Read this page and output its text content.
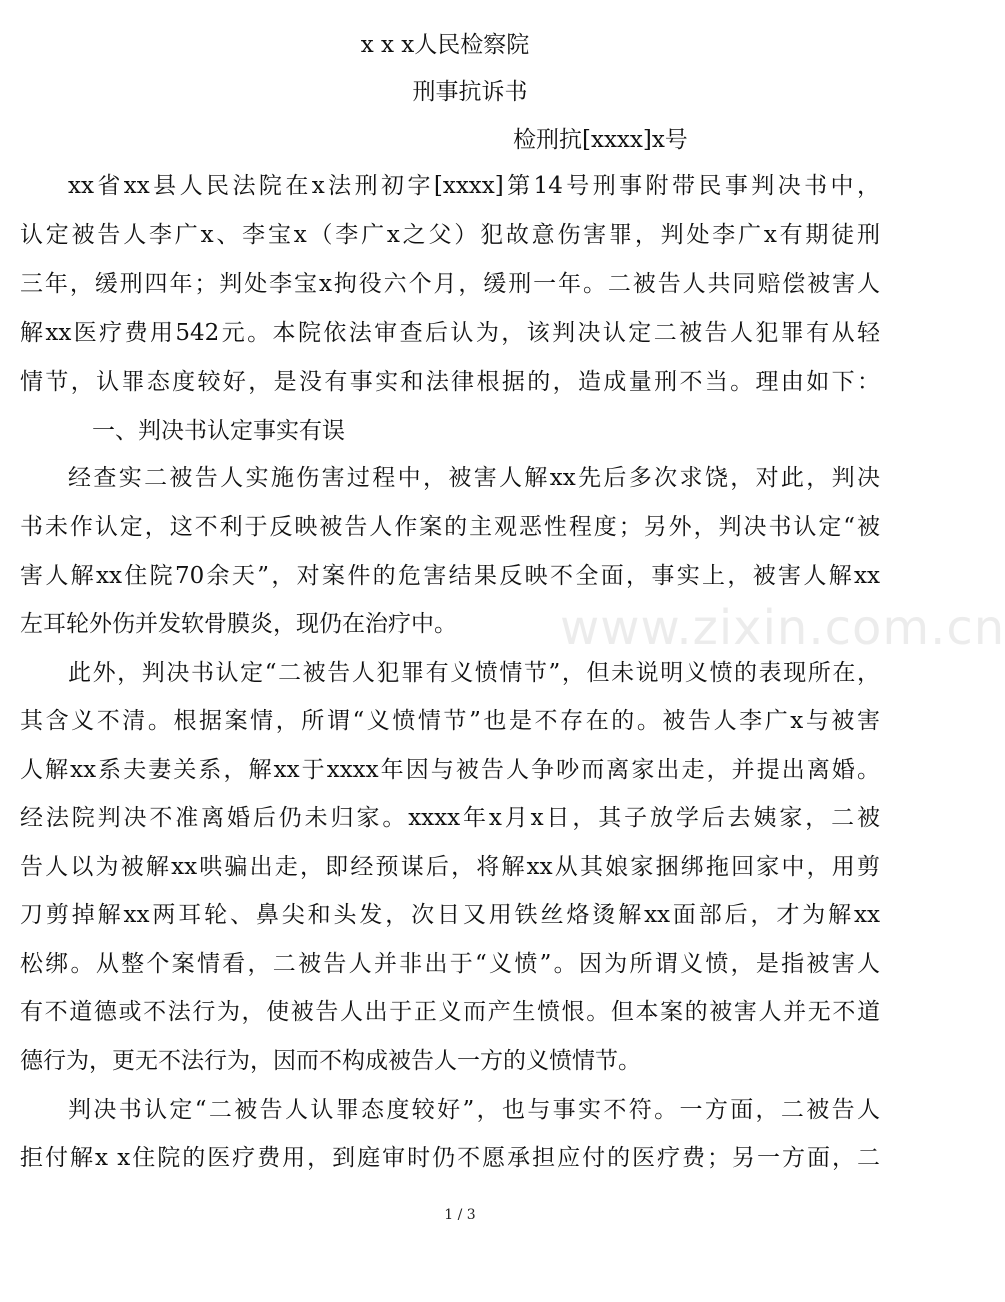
x x x人民检察院

刑事抗诉书

检刑抗[xxxx]x号

xx省xx县人民法院在x法刑初字[xxxx]第14号刑事附带民事判决书中，

认定被告人李广x、李宝x（李广x之父）犯故意伤害罪，判处李广x有期徒刑

三年，缓刑四年；判处李宝x拘役六个月，缓刑一年。二被告人共同赔偿被害人

解xx医疗费用542元。本院依法审查后认为，该判决认定二被告人犯罪有从轻

情节，认罪态度较好，是没有事实和法律根据的，造成量刑不当。理由如下：

一、判决书认定事实有误

经查实二被告人实施伤害过程中，被害人解xx先后多次求饶，对此，判决

书未作认定，这不利于反映被告人作案的主观恶性程度；另外，判决书认定“被

害人解xx住院70余天”，对案件的危害结果反映不全面，事实上，被害人解xx

左耳轮外伤并发软骨膜炎，现仍在治疗中。

此外，判决书认定“二被告人犯罪有义愤情节”，但未说明义愤的表现所在，

其含义不清。根据案情，所谓“义愤情节”也是不存在的。被告人李广x与被害

人解xx系夫妻关系，解xx于xxxx年因与被告人争吵而离家出走，并提出离婚。

经法院判决不准离婚后仍未归家。xxxx年x月x日，其子放学后去姨家，二被

告人以为被解xx哄骗出走，即经预谋后，将解xx从其娘家捆绑拖回家中，用剪

刀剪掉解xx两耳轮、鼻尖和头发，次日又用铁丝烙烫解xx面部后，才为解xx

松绑。从整个案情看，二被告人并非出于“义愤”。因为所谓义愤，是指被害人

有不道德或不法行为，使被告人出于正义而产生愤恨。但本案的被害人并无不道

德行为，更无不法行为，因而不构成被告人一方的义愤情节。

判决书认定“二被告人认罪态度较好”，也与事实不符。一方面，二被告人

拒付解x x住院的医疗费用，到庭审时仍不愿承担应付的医疗费；另一方面，二

www.zixin.com.cn
1 / 3
